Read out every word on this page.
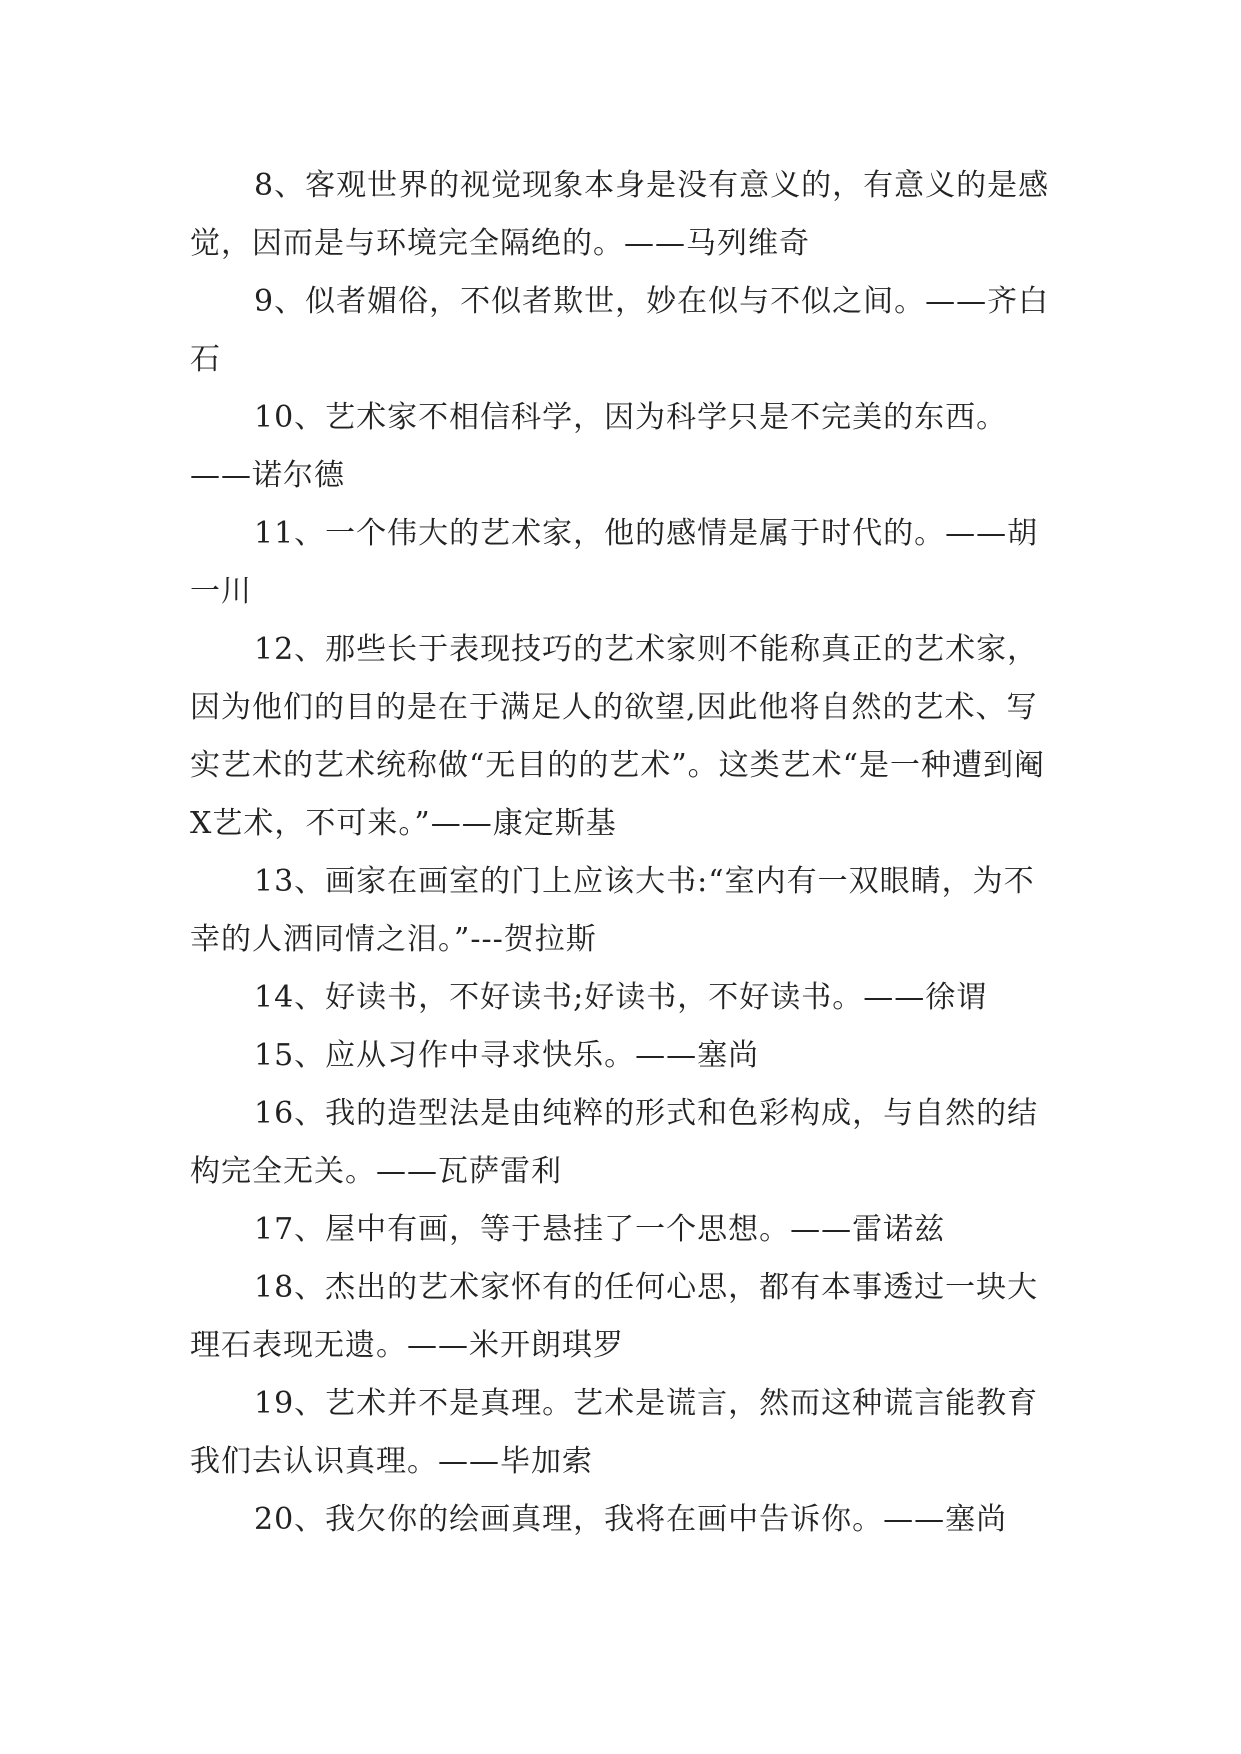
8、客观世界的视觉现象本身是没有意义的，有意义的是感觉，因而是与环境完全隔绝的。——马列维奇

9、似者媚俗，不似者欺世，妙在似与不似之间。——齐白石

10、艺术家不相信科学，因为科学只是不完美的东西。——诺尔德

11、一个伟大的艺术家，他的感情是属于时代的。——胡一川

12、那些长于表现技巧的艺术家则不能称真正的艺术家，因为他们的目的是在于满足人的欲望,因此他将自然的艺术、写实艺术的艺术统称做“无目的的艺术”。这类艺术“是一种遭到阉X艺术，不可来。”——康定斯基

13、画家在画室的门上应该大书:“室内有一双眼睛，为不幸的人洒同情之泪。”---贺拉斯

14、好读书，不好读书;好读书，不好读书。——徐谓

15、应从习作中寻求快乐。——塞尚

16、我的造型法是由纯粹的形式和色彩构成，与自然的结构完全无关。——瓦萨雷利

17、屋中有画，等于悬挂了一个思想。——雷诺兹

18、杰出的艺术家怀有的任何心思，都有本事透过一块大理石表现无遗。——米开朗琪罗

19、艺术并不是真理。艺术是谎言，然而这种谎言能教育我们去认识真理。——毕加索

20、我欠你的绘画真理，我将在画中告诉你。——塞尚
